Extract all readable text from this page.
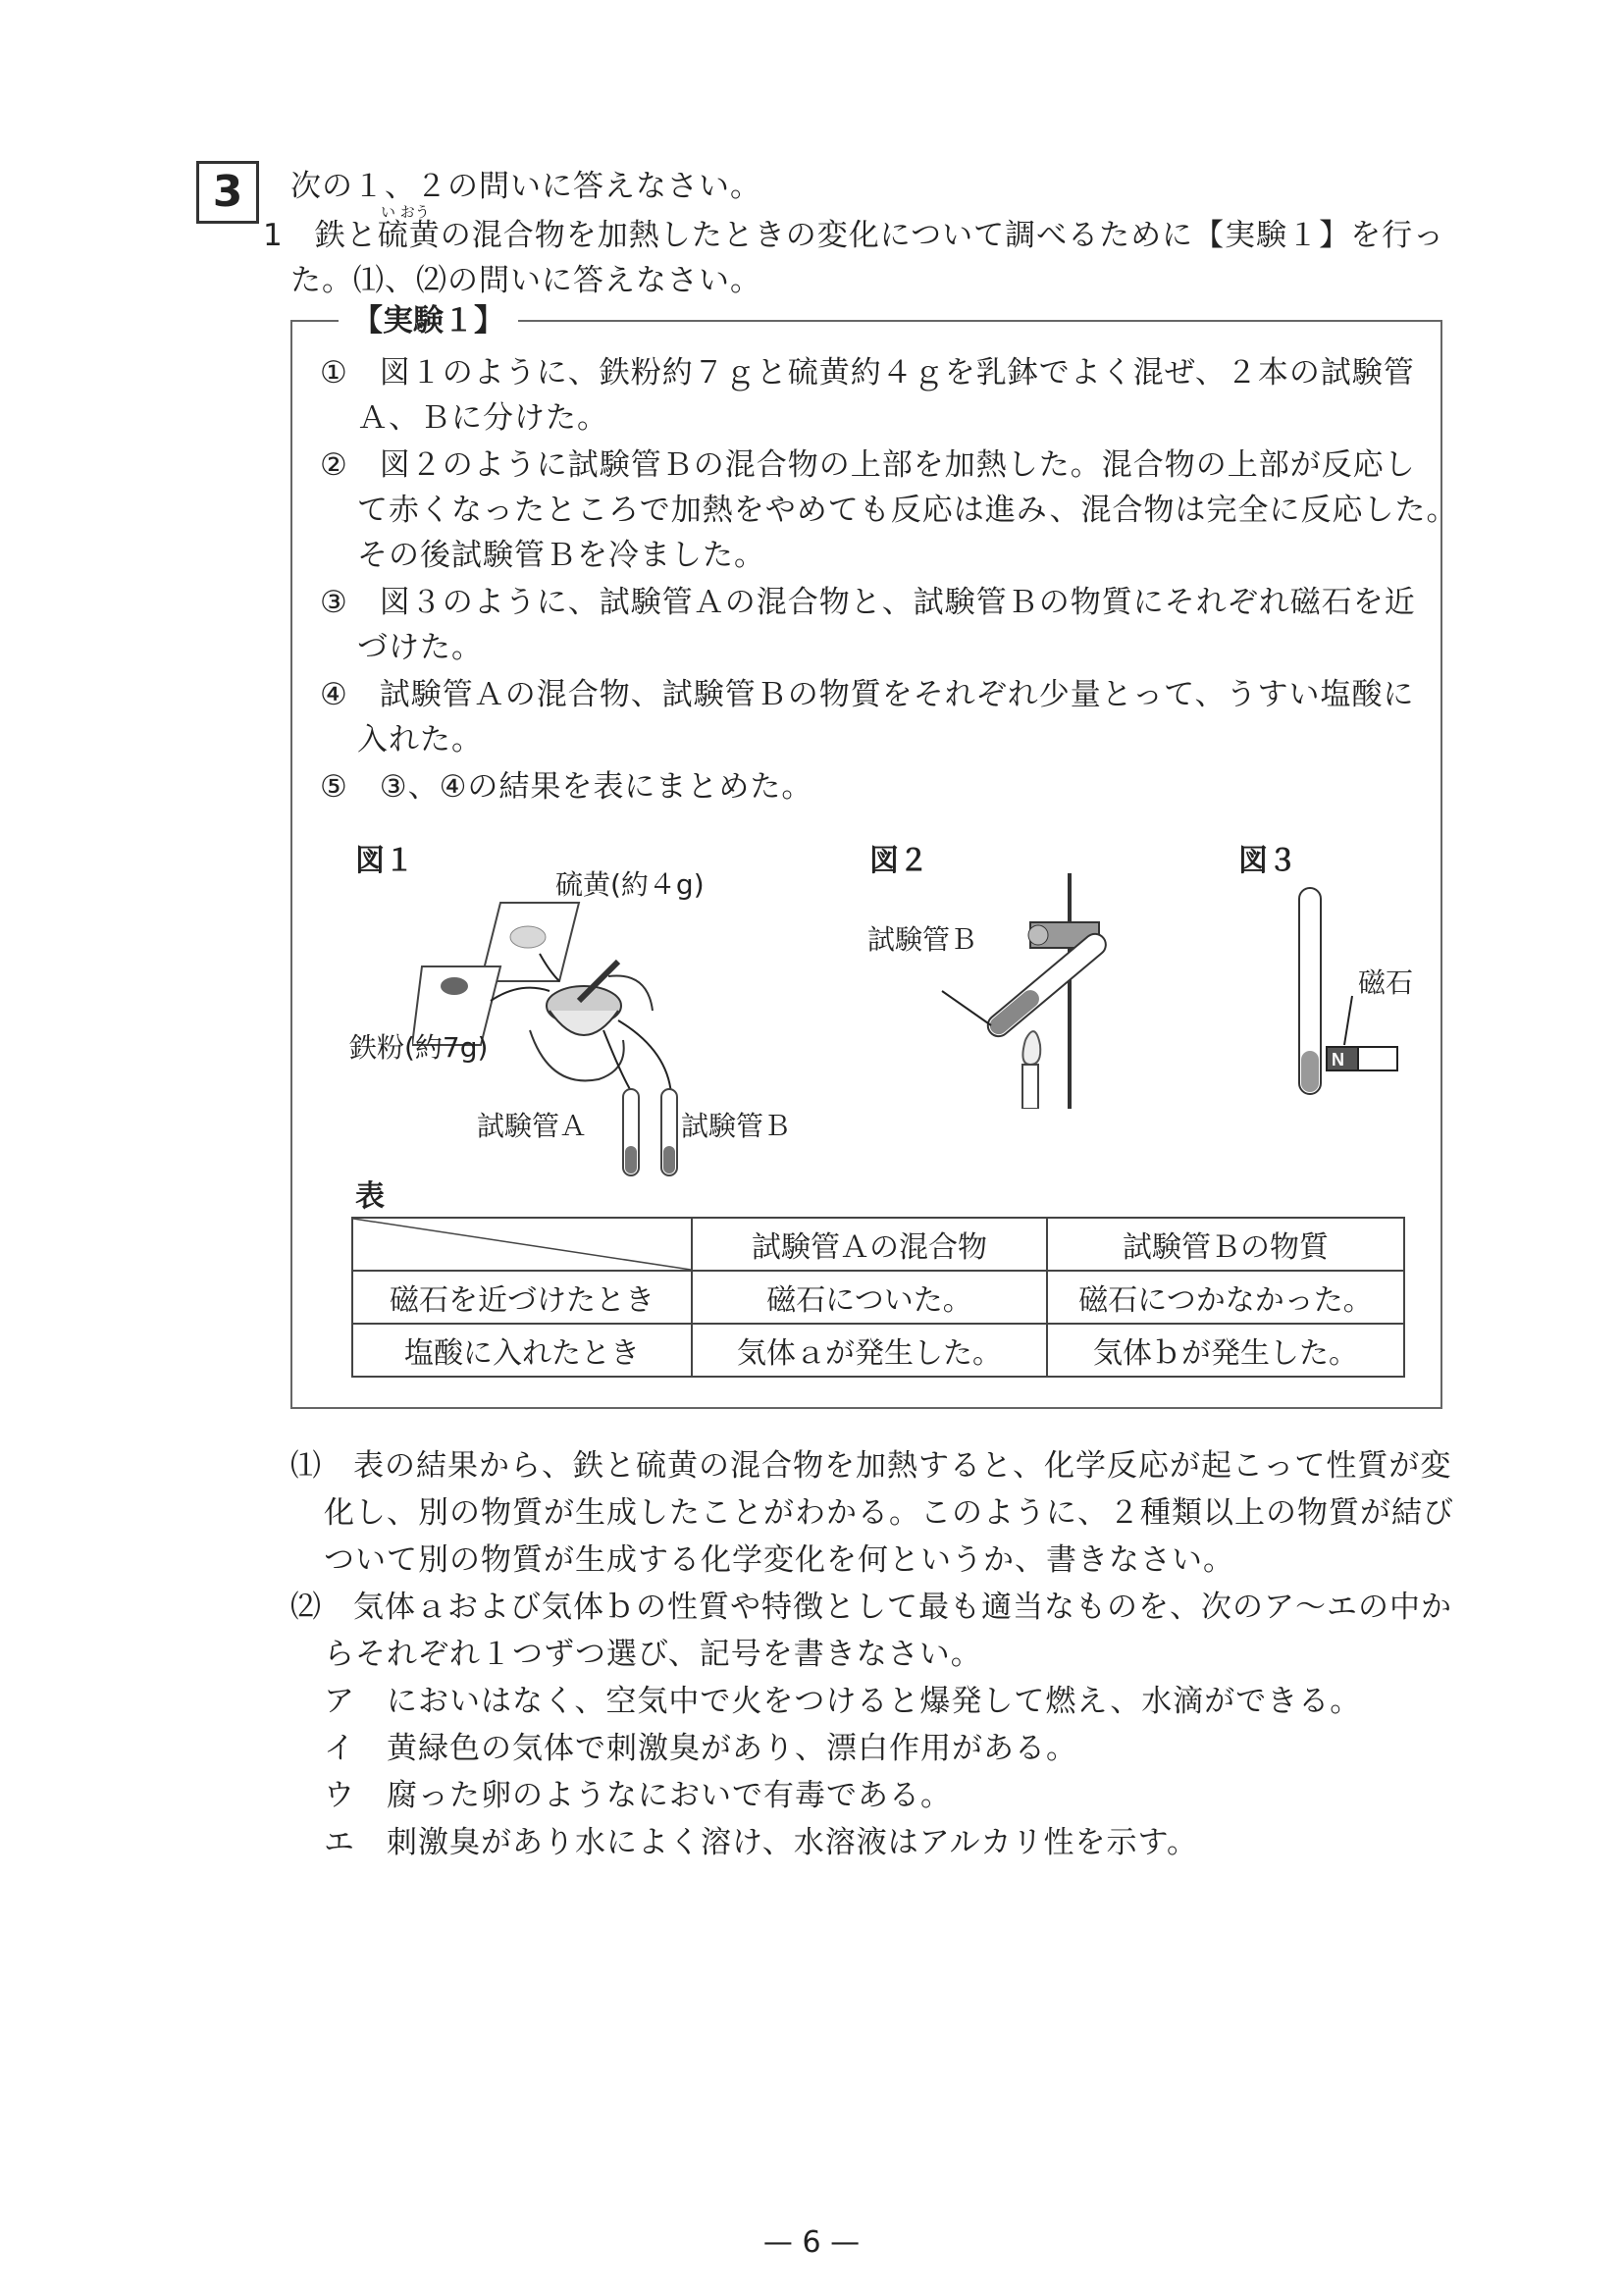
3	次の１、２の問いに答えなさい。
い おう
1　鉄と硫黄の混合物を加熱したときの変化について調べるために【実験１】を行っ
た。⑴、⑵の問いに答えなさい。
【実験１】
①　図１のように、鉄粉約７ｇと硫黄約４ｇを乳鉢でよく混ぜ、２本の試験管
Ａ、Ｂに分けた。
②　図２のように試験管Ｂの混合物の上部を加熱した。混合物の上部が反応し
て赤くなったところで加熱をやめても反応は進み、混合物は完全に反応した。
その後試験管Ｂを冷ました。
③　図３のように、試験管Ａの混合物と、試験管Ｂの物質にそれぞれ磁石を近
づけた。
④　試験管Ａの混合物、試験管Ｂの物質をそれぞれ少量とって、うすい塩酸に
入れた。
⑤　③、④の結果を表にまとめた。
図１	図２	図３
硫黄(約４g)
鉄粉(約7g)
試験管Ａ	試験管Ｂ
試験管Ｂ
N
磁石
表
	試験管Ａの混合物	試験管Ｂの物質
磁石を近づけたとき	磁石についた。	磁石につかなかった。
塩酸に入れたとき	気体ａが発生した。	気体ｂが発生した。
⑴　表の結果から、鉄と硫黄の混合物を加熱すると、化学反応が起こって性質が変
化し、別の物質が生成したことがわかる。このように、２種類以上の物質が結び
ついて別の物質が生成する化学変化を何というか、書きなさい。
⑵　気体ａおよび気体ｂの性質や特徴として最も適当なものを、次のア～エの中か
らそれぞれ１つずつ選び、記号を書きなさい。
ア　においはなく、空気中で火をつけると爆発して燃え、水滴ができる。
イ　黄緑色の気体で刺激臭があり、漂白作用がある。
ウ　腐った卵のようなにおいで有毒である。
エ　刺激臭があり水によく溶け、水溶液はアルカリ性を示す。
— 6 —
